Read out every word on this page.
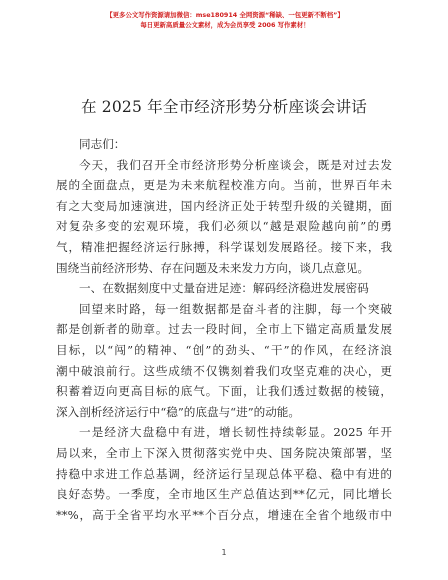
【更多公文写作资源请加微信：mse180914 全网资源“稀缺、一包更新不断档”】
每日更新高质量公文素材，成为会员享受 2006 写作素材！
在 2025 年全市经济形势分析座谈会讲话
同志们：
今天，我们召开全市经济形势分析座谈会，既是对过去发
展的全面盘点，更是为未来航程校准方向。当前，世界百年未
有之大变局加速演进，国内经济正处于转型升级的关键期，面
对复杂多变的宏观环境，我们必须以“越是艰险越向前”的勇
气，精准把握经济运行脉搏，科学谋划发展路径。接下来，我
围绕当前经济形势、存在问题及未来发力方向，谈几点意见。
一、在数据刻度中丈量奋进足迹：解码经济稳进发展密码
回望来时路，每一组数据都是奋斗者的注脚，每一个突破
都是创新者的勋章。过去一段时间，全市上下锚定高质量发展
目标，以“闯”的精神、“创”的劲头、“干”的作风，在经济浪
潮中破浪前行。这些成绩不仅镌刻着我们攻坚克难的决心，更
积蓄着迈向更高目标的底气。下面，让我们透过数据的棱镜，
深入剖析经济运行中“稳”的底盘与“进”的动能。
一是经济大盘稳中有进，增长韧性持续彰显。2025 年开
局以来，全市上下深入贯彻落实党中央、国务院决策部署，坚
持稳中求进工作总基调，经济运行呈现总体平稳、稳中有进的
良好态势。一季度，全市地区生产总值达到**亿元，同比增长
**%，高于全省平均水平**个百分点，增速在全省个地级市中
1
